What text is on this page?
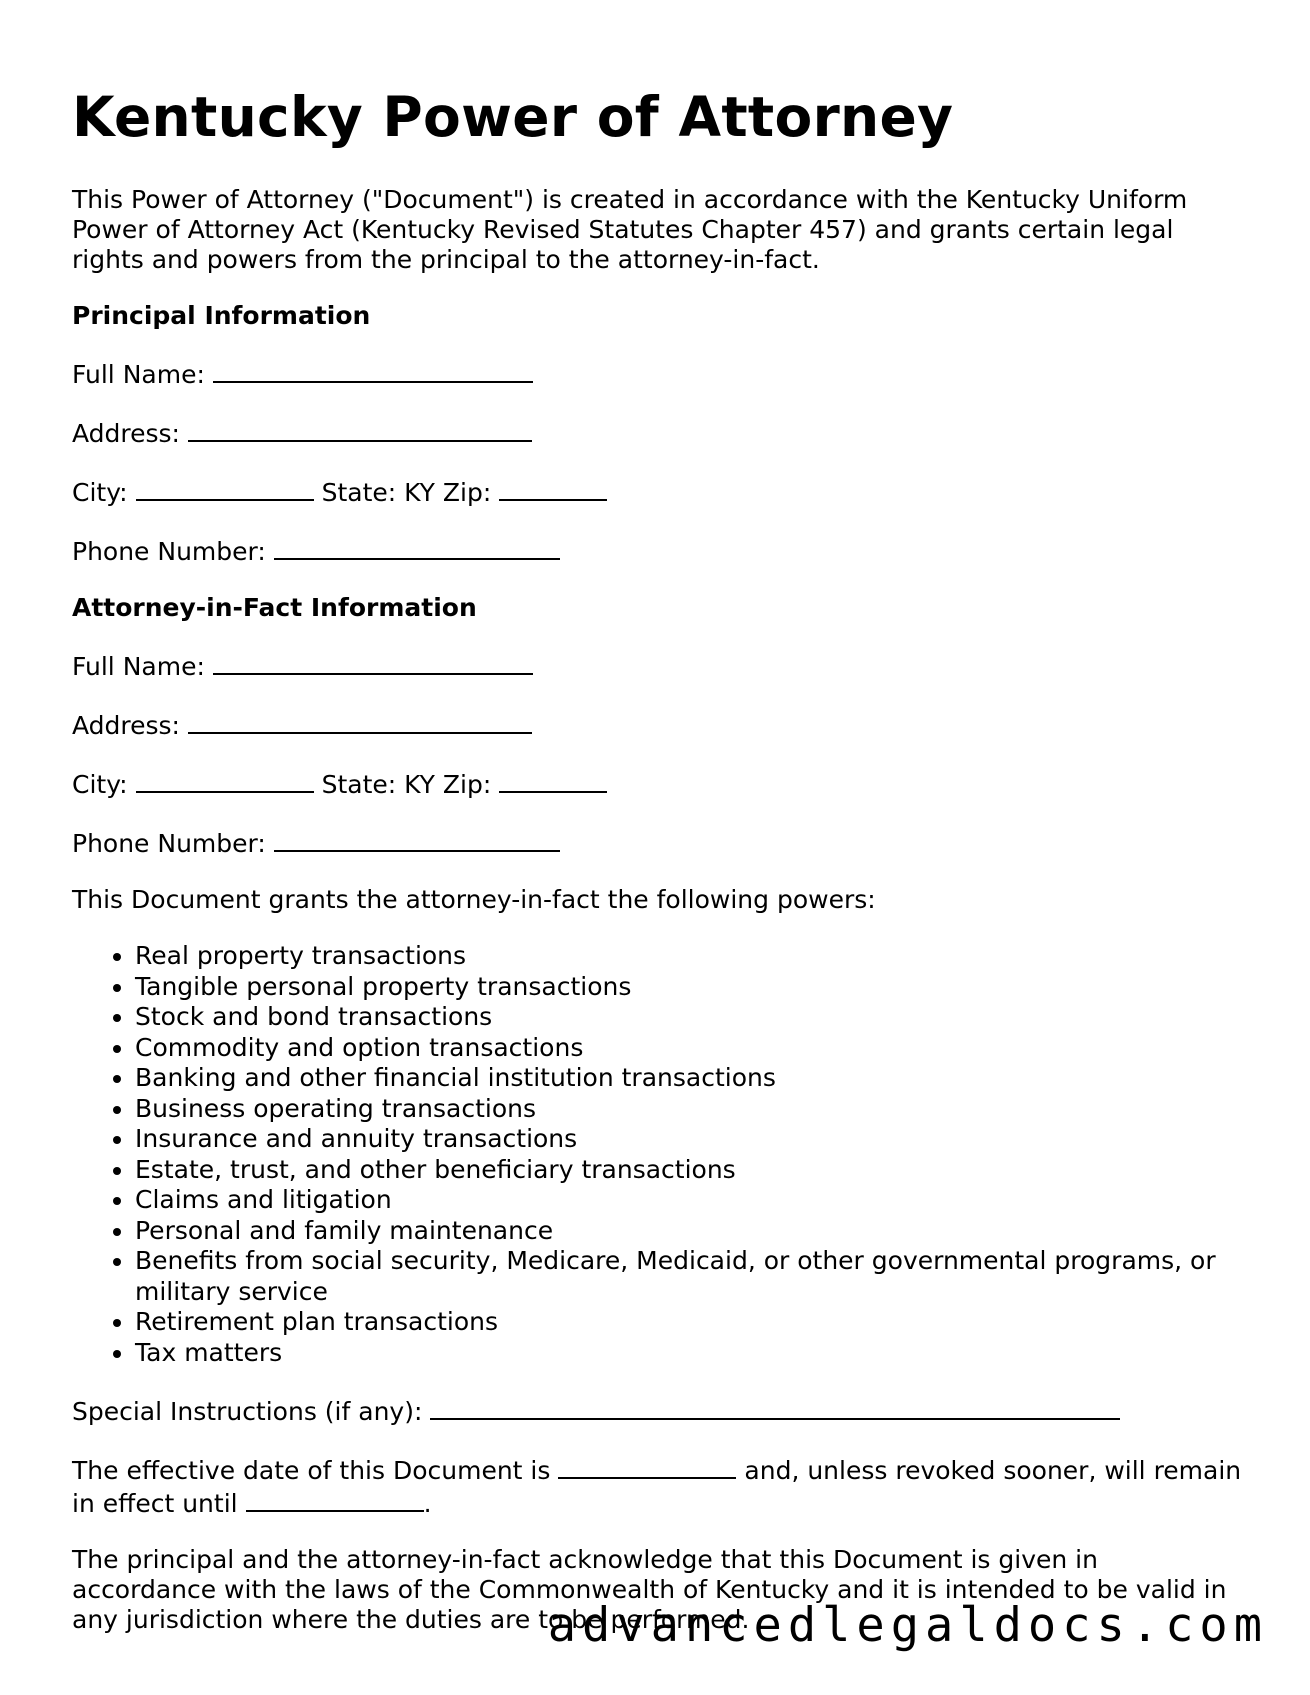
Kentucky Power of Attorney

This Power of Attorney ("Document") is created in accordance with the Kentucky Uniform Power of Attorney Act (Kentucky Revised Statutes Chapter 457) and grants certain legal rights and powers from the principal to the attorney-in-fact.

Principal Information

Full Name:

Address:

City:	State: KY Zip:

Phone Number:

Attorney-in-Fact Information

Full Name:

Address:

City:	State: KY Zip:

Phone Number:

This Document grants the attorney-in-fact the following powers:

• Real property transactions
• Tangible personal property transactions
• Stock and bond transactions
• Commodity and option transactions
• Banking and other financial institution transactions
• Business operating transactions
• Insurance and annuity transactions
• Estate, trust, and other beneficiary transactions
• Claims and litigation
• Personal and family maintenance
• Benefits from social security, Medicare, Medicaid, or other governmental programs, or military service
• Retirement plan transactions
• Tax matters

Special Instructions (if any):

The effective date of this Document is	and, unless revoked sooner, will remain in effect until	.

The principal and the attorney-in-fact acknowledge that this Document is given in accordance with the laws of the Commonwealth of Kentucky and it is intended to be valid in any jurisdiction where the duties are to be performed.

advancedlegaldocs.com
